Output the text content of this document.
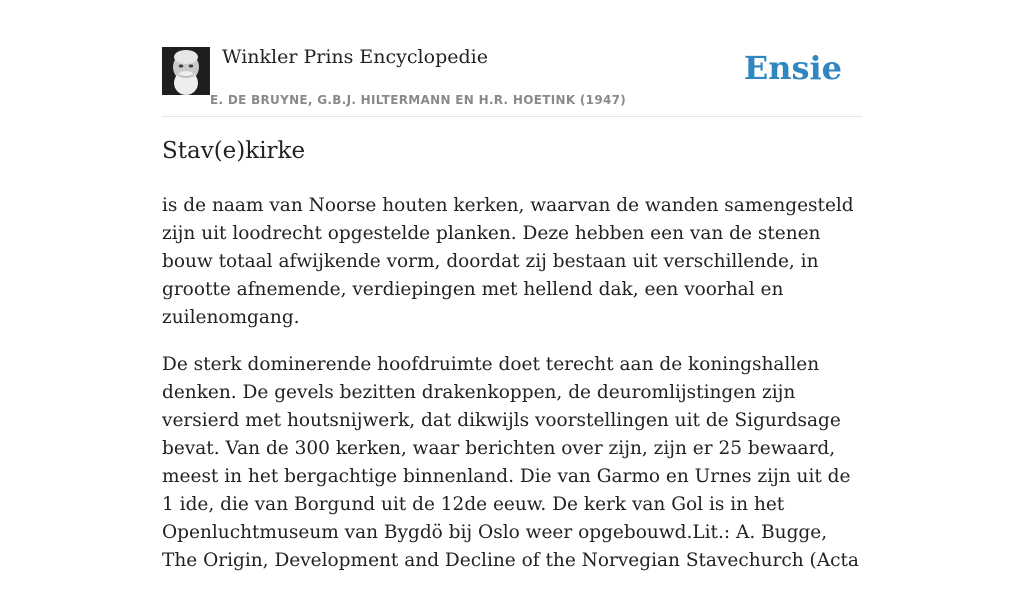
Winkler Prins Encyclopedie
E. DE BRUYNE, G.B.J. HILTERMANN EN H.R. HOETINK (1947)
Ensie
Stav(e)kirke

is de naam van Noorse houten kerken, waarvan de wanden samengesteld zijn uit loodrecht opgestelde planken. Deze hebben een van de stenen bouw totaal afwijkende vorm, doordat zij bestaan uit verschillende, in grootte afnemende, verdiepingen met hellend dak, een voorhal en zuilenomgang.

De sterk dominerende hoofdruimte doet terecht aan de koningshallen denken. De gevels bezitten drakenkoppen, de deuromlijstingen zijn versierd met houtsnijwerk, dat dikwijls voorstellingen uit de Sigurdsage bevat. Van de 300 kerken, waar berichten over zijn, zijn er 25 bewaard, meest in het bergachtige binnenland. Die van Garmo en Urnes zijn uit de 1 ide, die van Borgund uit de 12de eeuw. De kerk van Gol is in het Openluchtmuseum van Bygdö bij Oslo weer opgebouwd.Lit.: A. Bugge, The Origin, Development and Decline of the Norvegian Stavechurch (Acta
